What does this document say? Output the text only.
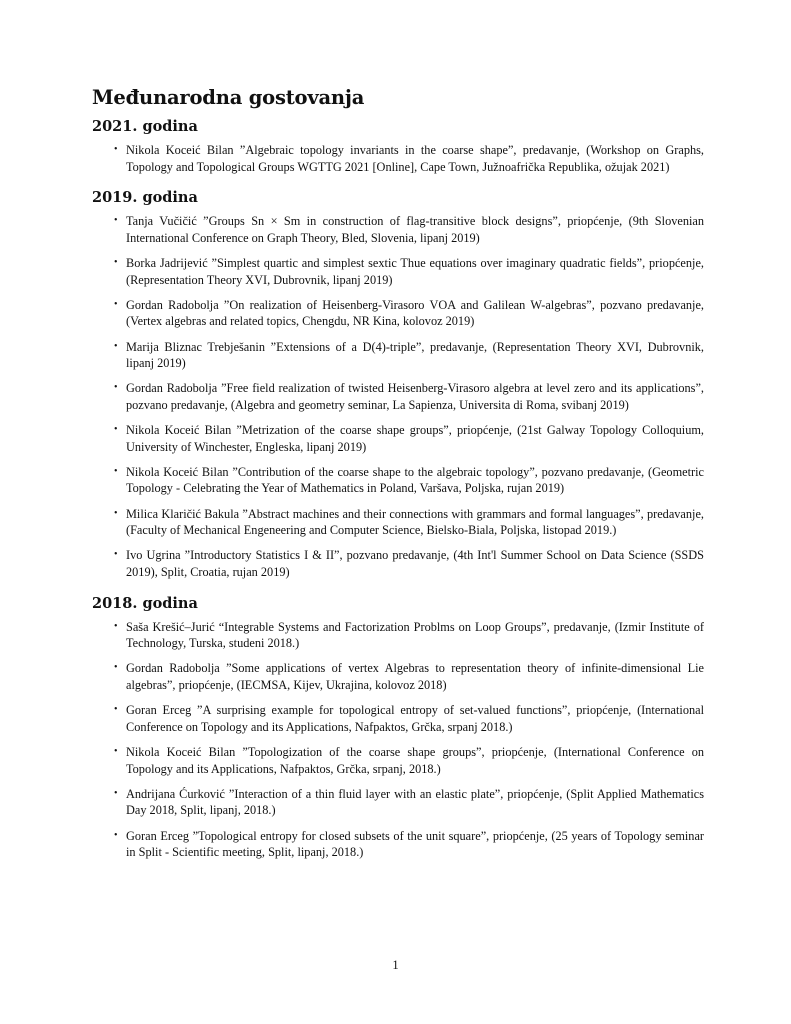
Međunarodna gostovanja
2021. godina
• Nikola Koceić Bilan ”Algebraic topology invariants in the coarse shape”, predavanje, (Workshop on Graphs, Topology and Topological Groups WGTTG 2021 [Online], Cape Town, Južnoafrička Republika, ožujak 2021)
2019. godina
• Tanja Vučičić ”Groups Sn × Sm in construction of flag-transitive block designs”, priopćenje, (9th Slovenian International Conference on Graph Theory, Bled, Slovenia, lipanj 2019)
• Borka Jadrijević ”Simplest quartic and simplest sextic Thue equations over imaginary quadratic fields”, priopćenje, (Representation Theory XVI, Dubrovnik, lipanj 2019)
• Gordan Radobolja ”On realization of Heisenberg-Virasoro VOA and Galilean W-algebras”, pozvano predavanje, (Vertex algebras and related topics, Chengdu, NR Kina, kolovoz 2019)
• Marija Bliznac Trebješanin ”Extensions of a D(4)-triple”, predavanje, (Representation Theory XVI, Dubrovnik, lipanj 2019)
• Gordan Radobolja ”Free field realization of twisted Heisenberg-Virasoro algebra at level zero and its applications”, pozvano predavanje, (Algebra and geometry seminar, La Sapienza, Universita di Roma, svibanj 2019)
• Nikola Koceić Bilan ”Metrization of the coarse shape groups”, priopćenje, (21st Galway Topology Colloquium, University of Winchester, Engleska, lipanj 2019)
• Nikola Koceić Bilan ”Contribution of the coarse shape to the algebraic topology”, pozvano predavanje, (Geometric Topology - Celebrating the Year of Mathematics in Poland, Varšava, Poljska, rujan 2019)
• Milica Klaričić Bakula ”Abstract machines and their connections with grammars and formal languages”, predavanje, (Faculty of Mechanical Engeneering and Computer Science, Bielsko-Biala, Poljska, listopad 2019.)
• Ivo Ugrina ”Introductory Statistics I & II”, pozvano predavanje, (4th Int'l Summer School on Data Science (SSDS 2019), Split, Croatia, rujan 2019)
2018. godina
• Saša Krešić–Jurić “Integrable Systems and Factorization Problms on Loop Groups”, predavanje, (Izmir Institute of Technology, Turska, studeni 2018.)
• Gordan Radobolja ”Some applications of vertex Algebras to representation theory of infinite-dimensional Lie algebras”, priopćenje, (IECMSA, Kijev, Ukrajina, kolovoz 2018)
• Goran Erceg ”A surprising example for topological entropy of set-valued functions”, priopćenje, (International Conference on Topology and its Applications, Nafpaktos, Grčka, srpanj 2018.)
• Nikola Koceić Bilan ”Topologization of the coarse shape groups”, priopćenje, (International Conference on Topology and its Applications, Nafpaktos, Grčka, srpanj, 2018.)
• Andrijana Ćurković ”Interaction of a thin fluid layer with an elastic plate”, priopćenje, (Split Applied Mathematics Day 2018, Split, lipanj, 2018.)
• Goran Erceg ”Topological entropy for closed subsets of the unit square”, priopćenje, (25 years of Topology seminar in Split - Scientific meeting, Split, lipanj, 2018.)
1
